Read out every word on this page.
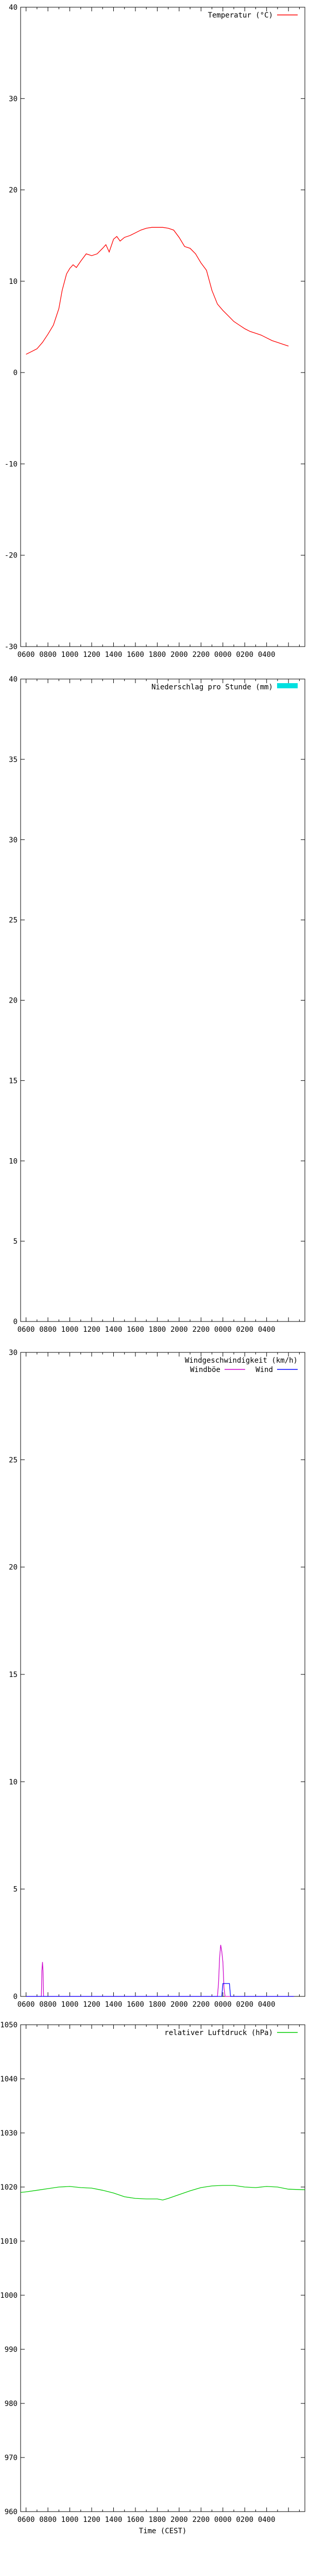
-30
-20
-10
0
10
20
30
40
0600 0800 1000 1200 1400 1600 1800 2000 2200 0000 0200 0400
Temperatur (°C)
0
5
10
15
20
25
30
35
40
0600 0800 1000 1200 1400 1600 1800 2000 2200 0000 0200 0400
Niederschlag pro Stunde (mm)
0
5
10
15
20
25
30
0600 0800 1000 1200 1400 1600 1800 2000 2200 0000 0200 0400
Windgeschwindigkeit (km/h)
Wind
Windböe
960
970
980
990
1000
1010
1020
1030
1040
1050
0600 0800 1000 1200 1400 1600 1800 2000 2200 0000 0200 0400
Time (CEST)
relativer Luftdruck (hPa)
